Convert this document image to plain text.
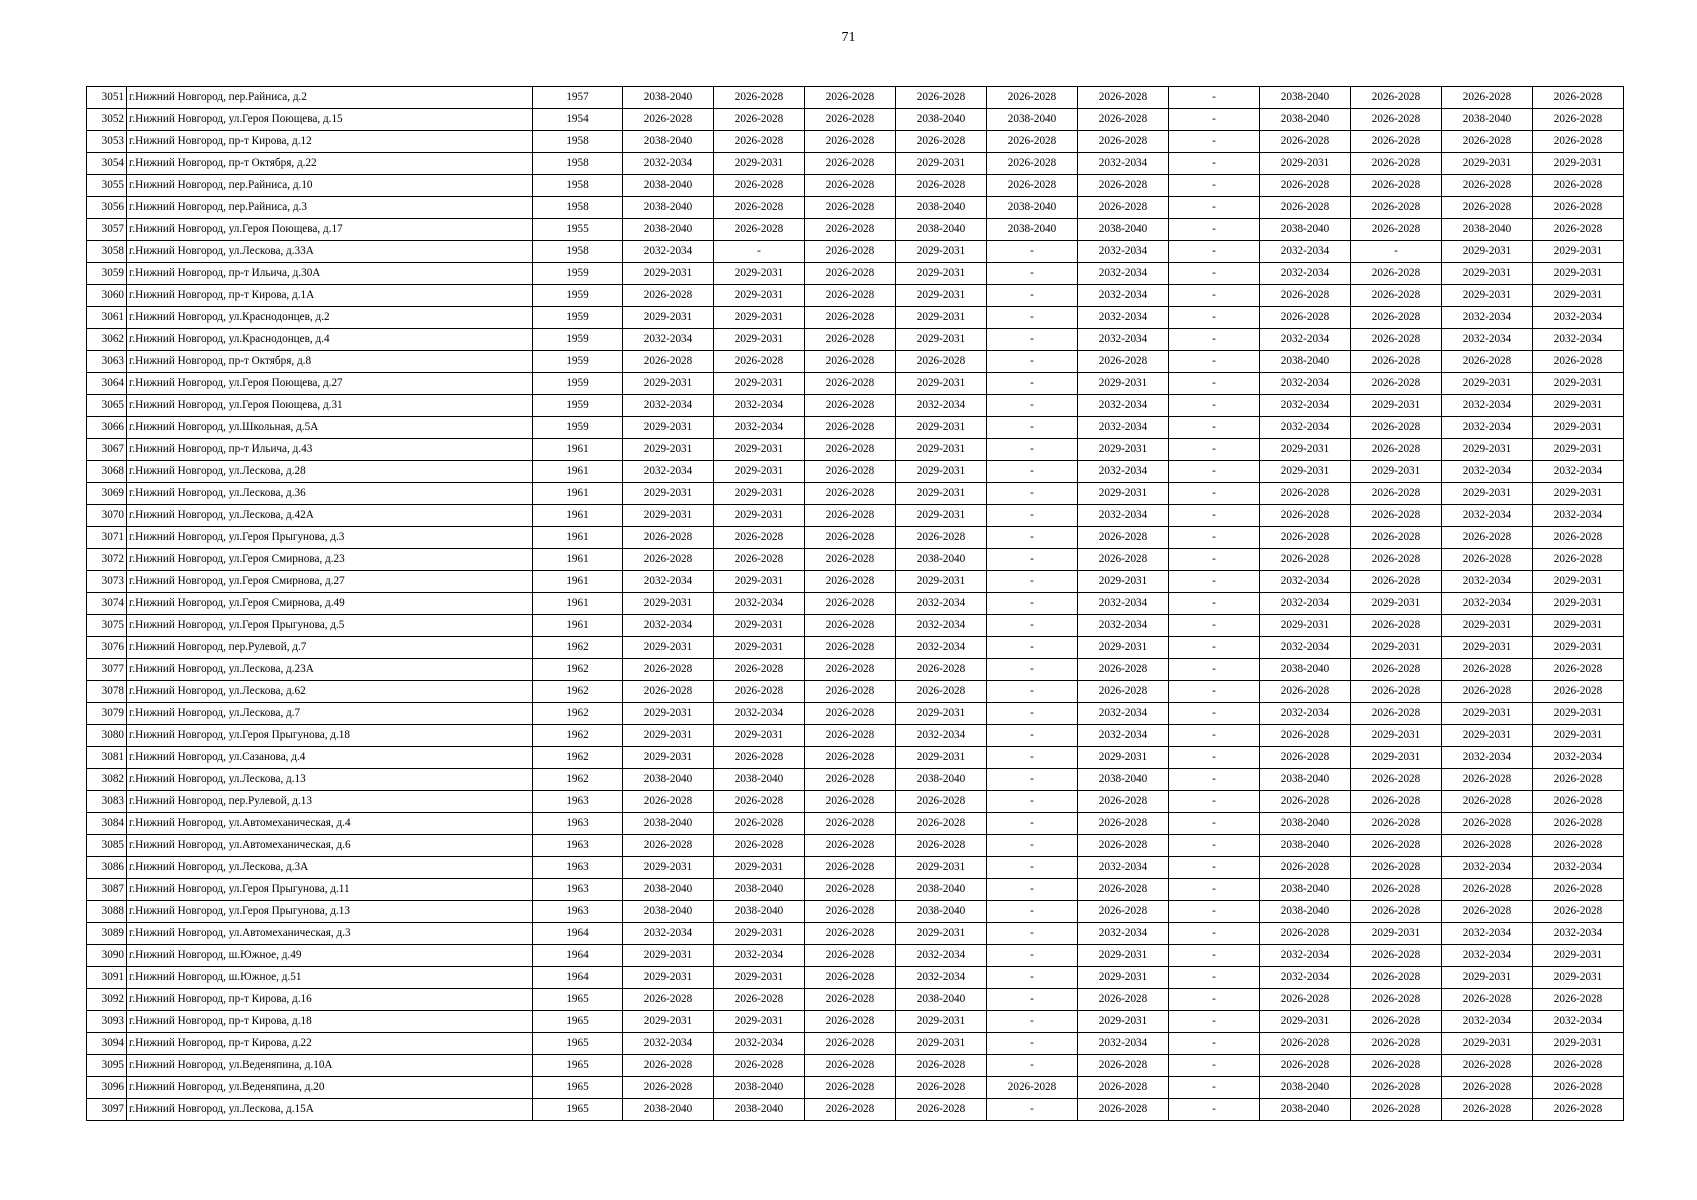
71
3051	г.Нижний Новгород, пер.Райниса, д.2	1957	2038-2040	2026-2028	2026-2028	2026-2028	2026-2028	2026-2028	-	2038-2040	2026-2028	2026-2028	2026-2028
3052	г.Нижний Новгород, ул.Героя Поющева, д.15	1954	2026-2028	2026-2028	2026-2028	2038-2040	2038-2040	2026-2028	-	2038-2040	2026-2028	2038-2040	2026-2028
3053	г.Нижний Новгород, пр-т Кирова, д.12	1958	2038-2040	2026-2028	2026-2028	2026-2028	2026-2028	2026-2028	-	2026-2028	2026-2028	2026-2028	2026-2028
3054	г.Нижний Новгород, пр-т Октября, д.22	1958	2032-2034	2029-2031	2026-2028	2029-2031	2026-2028	2032-2034	-	2029-2031	2026-2028	2029-2031	2029-2031
3055	г.Нижний Новгород, пер.Райниса, д.10	1958	2038-2040	2026-2028	2026-2028	2026-2028	2026-2028	2026-2028	-	2026-2028	2026-2028	2026-2028	2026-2028
3056	г.Нижний Новгород, пер.Райниса, д.3	1958	2038-2040	2026-2028	2026-2028	2038-2040	2038-2040	2026-2028	-	2026-2028	2026-2028	2026-2028	2026-2028
3057	г.Нижний Новгород, ул.Героя Поющева, д.17	1955	2038-2040	2026-2028	2026-2028	2038-2040	2038-2040	2038-2040	-	2038-2040	2026-2028	2038-2040	2026-2028
3058	г.Нижний Новгород, ул.Лескова, д.33А	1958	2032-2034	-	2026-2028	2029-2031	-	2032-2034	-	2032-2034	-	2029-2031	2029-2031
3059	г.Нижний Новгород, пр-т Ильича, д.30А	1959	2029-2031	2029-2031	2026-2028	2029-2031	-	2032-2034	-	2032-2034	2026-2028	2029-2031	2029-2031
3060	г.Нижний Новгород, пр-т Кирова, д.1А	1959	2026-2028	2029-2031	2026-2028	2029-2031	-	2032-2034	-	2026-2028	2026-2028	2029-2031	2029-2031
3061	г.Нижний Новгород, ул.Краснодонцев, д.2	1959	2029-2031	2029-2031	2026-2028	2029-2031	-	2032-2034	-	2026-2028	2026-2028	2032-2034	2032-2034
3062	г.Нижний Новгород, ул.Краснодонцев, д.4	1959	2032-2034	2029-2031	2026-2028	2029-2031	-	2032-2034	-	2032-2034	2026-2028	2032-2034	2032-2034
3063	г.Нижний Новгород, пр-т Октября, д.8	1959	2026-2028	2026-2028	2026-2028	2026-2028	-	2026-2028	-	2038-2040	2026-2028	2026-2028	2026-2028
3064	г.Нижний Новгород, ул.Героя Поющева, д.27	1959	2029-2031	2029-2031	2026-2028	2029-2031	-	2029-2031	-	2032-2034	2026-2028	2029-2031	2029-2031
3065	г.Нижний Новгород, ул.Героя Поющева, д.31	1959	2032-2034	2032-2034	2026-2028	2032-2034	-	2032-2034	-	2032-2034	2029-2031	2032-2034	2029-2031
3066	г.Нижний Новгород, ул.Школьная, д.5А	1959	2029-2031	2032-2034	2026-2028	2029-2031	-	2032-2034	-	2032-2034	2026-2028	2032-2034	2029-2031
3067	г.Нижний Новгород, пр-т Ильича, д.43	1961	2029-2031	2029-2031	2026-2028	2029-2031	-	2029-2031	-	2029-2031	2026-2028	2029-2031	2029-2031
3068	г.Нижний Новгород, ул.Лескова, д.28	1961	2032-2034	2029-2031	2026-2028	2029-2031	-	2032-2034	-	2029-2031	2029-2031	2032-2034	2032-2034
3069	г.Нижний Новгород, ул.Лескова, д.36	1961	2029-2031	2029-2031	2026-2028	2029-2031	-	2029-2031	-	2026-2028	2026-2028	2029-2031	2029-2031
3070	г.Нижний Новгород, ул.Лескова, д.42А	1961	2029-2031	2029-2031	2026-2028	2029-2031	-	2032-2034	-	2026-2028	2026-2028	2032-2034	2032-2034
3071	г.Нижний Новгород, ул.Героя Прыгунова, д.3	1961	2026-2028	2026-2028	2026-2028	2026-2028	-	2026-2028	-	2026-2028	2026-2028	2026-2028	2026-2028
3072	г.Нижний Новгород, ул.Героя Смирнова, д.23	1961	2026-2028	2026-2028	2026-2028	2038-2040	-	2026-2028	-	2026-2028	2026-2028	2026-2028	2026-2028
3073	г.Нижний Новгород, ул.Героя Смирнова, д.27	1961	2032-2034	2029-2031	2026-2028	2029-2031	-	2029-2031	-	2032-2034	2026-2028	2032-2034	2029-2031
3074	г.Нижний Новгород, ул.Героя Смирнова, д.49	1961	2029-2031	2032-2034	2026-2028	2032-2034	-	2032-2034	-	2032-2034	2029-2031	2032-2034	2029-2031
3075	г.Нижний Новгород, ул.Героя Прыгунова, д.5	1961	2032-2034	2029-2031	2026-2028	2032-2034	-	2032-2034	-	2029-2031	2026-2028	2029-2031	2029-2031
3076	г.Нижний Новгород, пер.Рулевой, д.7	1962	2029-2031	2029-2031	2026-2028	2032-2034	-	2029-2031	-	2032-2034	2029-2031	2029-2031	2029-2031
3077	г.Нижний Новгород, ул.Лескова, д.23А	1962	2026-2028	2026-2028	2026-2028	2026-2028	-	2026-2028	-	2038-2040	2026-2028	2026-2028	2026-2028
3078	г.Нижний Новгород, ул.Лескова, д.62	1962	2026-2028	2026-2028	2026-2028	2026-2028	-	2026-2028	-	2026-2028	2026-2028	2026-2028	2026-2028
3079	г.Нижний Новгород, ул.Лескова, д.7	1962	2029-2031	2032-2034	2026-2028	2029-2031	-	2032-2034	-	2032-2034	2026-2028	2029-2031	2029-2031
3080	г.Нижний Новгород, ул.Героя Прыгунова, д.18	1962	2029-2031	2029-2031	2026-2028	2032-2034	-	2032-2034	-	2026-2028	2029-2031	2029-2031	2029-2031
3081	г.Нижний Новгород, ул.Сазанова, д.4	1962	2029-2031	2026-2028	2026-2028	2029-2031	-	2029-2031	-	2026-2028	2029-2031	2032-2034	2032-2034
3082	г.Нижний Новгород, ул.Лескова, д.13	1962	2038-2040	2038-2040	2026-2028	2038-2040	-	2038-2040	-	2038-2040	2026-2028	2026-2028	2026-2028
3083	г.Нижний Новгород, пер.Рулевой, д.13	1963	2026-2028	2026-2028	2026-2028	2026-2028	-	2026-2028	-	2026-2028	2026-2028	2026-2028	2026-2028
3084	г.Нижний Новгород, ул.Автомеханическая, д.4	1963	2038-2040	2026-2028	2026-2028	2026-2028	-	2026-2028	-	2038-2040	2026-2028	2026-2028	2026-2028
3085	г.Нижний Новгород, ул.Автомеханическая, д.6	1963	2026-2028	2026-2028	2026-2028	2026-2028	-	2026-2028	-	2038-2040	2026-2028	2026-2028	2026-2028
3086	г.Нижний Новгород, ул.Лескова, д.3А	1963	2029-2031	2029-2031	2026-2028	2029-2031	-	2032-2034	-	2026-2028	2026-2028	2032-2034	2032-2034
3087	г.Нижний Новгород, ул.Героя Прыгунова, д.11	1963	2038-2040	2038-2040	2026-2028	2038-2040	-	2026-2028	-	2038-2040	2026-2028	2026-2028	2026-2028
3088	г.Нижний Новгород, ул.Героя Прыгунова, д.13	1963	2038-2040	2038-2040	2026-2028	2038-2040	-	2026-2028	-	2038-2040	2026-2028	2026-2028	2026-2028
3089	г.Нижний Новгород, ул.Автомеханическая, д.3	1964	2032-2034	2029-2031	2026-2028	2029-2031	-	2032-2034	-	2026-2028	2029-2031	2032-2034	2032-2034
3090	г.Нижний Новгород, ш.Южное, д.49	1964	2029-2031	2032-2034	2026-2028	2032-2034	-	2029-2031	-	2032-2034	2026-2028	2032-2034	2029-2031
3091	г.Нижний Новгород, ш.Южное, д.51	1964	2029-2031	2029-2031	2026-2028	2032-2034	-	2029-2031	-	2032-2034	2026-2028	2029-2031	2029-2031
3092	г.Нижний Новгород, пр-т Кирова, д.16	1965	2026-2028	2026-2028	2026-2028	2038-2040	-	2026-2028	-	2026-2028	2026-2028	2026-2028	2026-2028
3093	г.Нижний Новгород, пр-т Кирова, д.18	1965	2029-2031	2029-2031	2026-2028	2029-2031	-	2029-2031	-	2029-2031	2026-2028	2032-2034	2032-2034
3094	г.Нижний Новгород, пр-т Кирова, д.22	1965	2032-2034	2032-2034	2026-2028	2029-2031	-	2032-2034	-	2026-2028	2026-2028	2029-2031	2029-2031
3095	г.Нижний Новгород, ул.Веденяпина, д.10А	1965	2026-2028	2026-2028	2026-2028	2026-2028	-	2026-2028	-	2026-2028	2026-2028	2026-2028	2026-2028
3096	г.Нижний Новгород, ул.Веденяпина, д.20	1965	2026-2028	2038-2040	2026-2028	2026-2028	2026-2028	2026-2028	-	2038-2040	2026-2028	2026-2028	2026-2028
3097	г.Нижний Новгород, ул.Лескова, д.15А	1965	2038-2040	2038-2040	2026-2028	2026-2028	-	2026-2028	-	2038-2040	2026-2028	2026-2028	2026-2028
